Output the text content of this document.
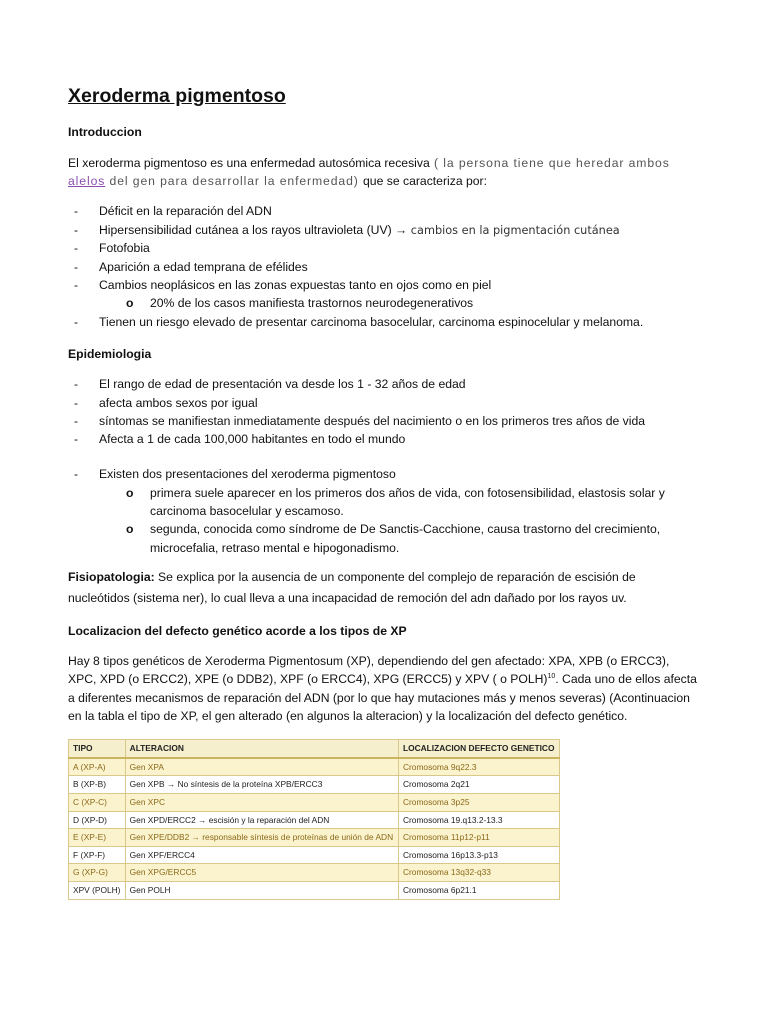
Xeroderma pigmentoso
Introduccion

El xeroderma pigmentoso es una enfermedad autosómica recesiva ( la persona tiene que heredar ambos alelos del gen para desarrollar la enfermedad) que se caracteriza por:

- Déficit en la reparación del ADN
- Hipersensibilidad cutánea a los rayos ultravioleta (UV) → cambios en la pigmentación cutánea
- Fotofobia
- Aparición a edad temprana de efélides
- Cambios neoplásicos en las zonas expuestas tanto en ojos como en piel
o 20% de los casos manifiesta trastornos neurodegenerativos
- Tienen un riesgo elevado de presentar carcinoma basocelular, carcinoma espinocelular y melanoma.
Epidemiologia
- El rango de edad de presentación va desde los 1 - 32 años de edad
- afecta ambos sexos por igual
- síntomas se manifiestan inmediatamente después del nacimiento o en los primeros tres años de vida
- Afecta a 1 de cada 100,000 habitantes en todo el mundo
- Existen dos presentaciones del xeroderma pigmentoso
o primera suele aparecer en los primeros dos años de vida, con fotosensibilidad, elastosis solar y carcinoma basocelular y escamoso.
o segunda, conocida como síndrome de De Sanctis-Cacchione, causa trastorno del crecimiento, microcefalia, retraso mental e hipogonadismo.

Fisiopatologia: Se explica por la ausencia de un componente del complejo de reparación de escisión de nucleótidos (sistema ner), lo cual lleva a una incapacidad de remoción del adn dañado por los rayos uv.

Localizacion del defecto genético acorde a los tipos de XP

Hay 8 tipos genéticos de Xeroderma Pigmentosum (XP), dependiendo del gen afectado: XPA, XPB (o ERCC3), XPC, XPD (o ERCC2), XPE (o DDB2), XPF (o ERCC4), XPG (ERCC5) y XPV ( o POLH)$^{10}$. Cada uno de ellos afecta a diferentes mecanismos de reparación del ADN (por lo que hay mutaciones más y menos severas) (Acontinuacion en la tabla el tipo de XP, el gen alterado (en algunos la alteracion) y la localización del defecto genético.

TIPO	ALTERACION	LOCALIZACION DEFECTO GENETICO
A (XP-A)	Gen XPA	Cromosoma 9q22.3
B (XP-B)	Gen XPB → No síntesis de la proteína XPB/ERCC3	Cromosoma 2q21
C (XP-C)	Gen XPC	Cromosoma 3p25
D (XP-D)	Gen XPD/ERCC2 → escisión y la reparación del ADN	Cromosoma 19.q13.2-13.3
E (XP-E)	Gen XPE/DDB2 → responsable síntesis de proteínas de unión de ADN	Cromosoma 11p12-p11
F (XP-F)	Gen XPF/ERCC4	Cromosoma 16p13.3-p13
G (XP-G)	Gen XPG/ERCC5	Cromosoma 13q32-q33
XPV (POLH)	Gen POLH	Cromosoma 6p21.1
